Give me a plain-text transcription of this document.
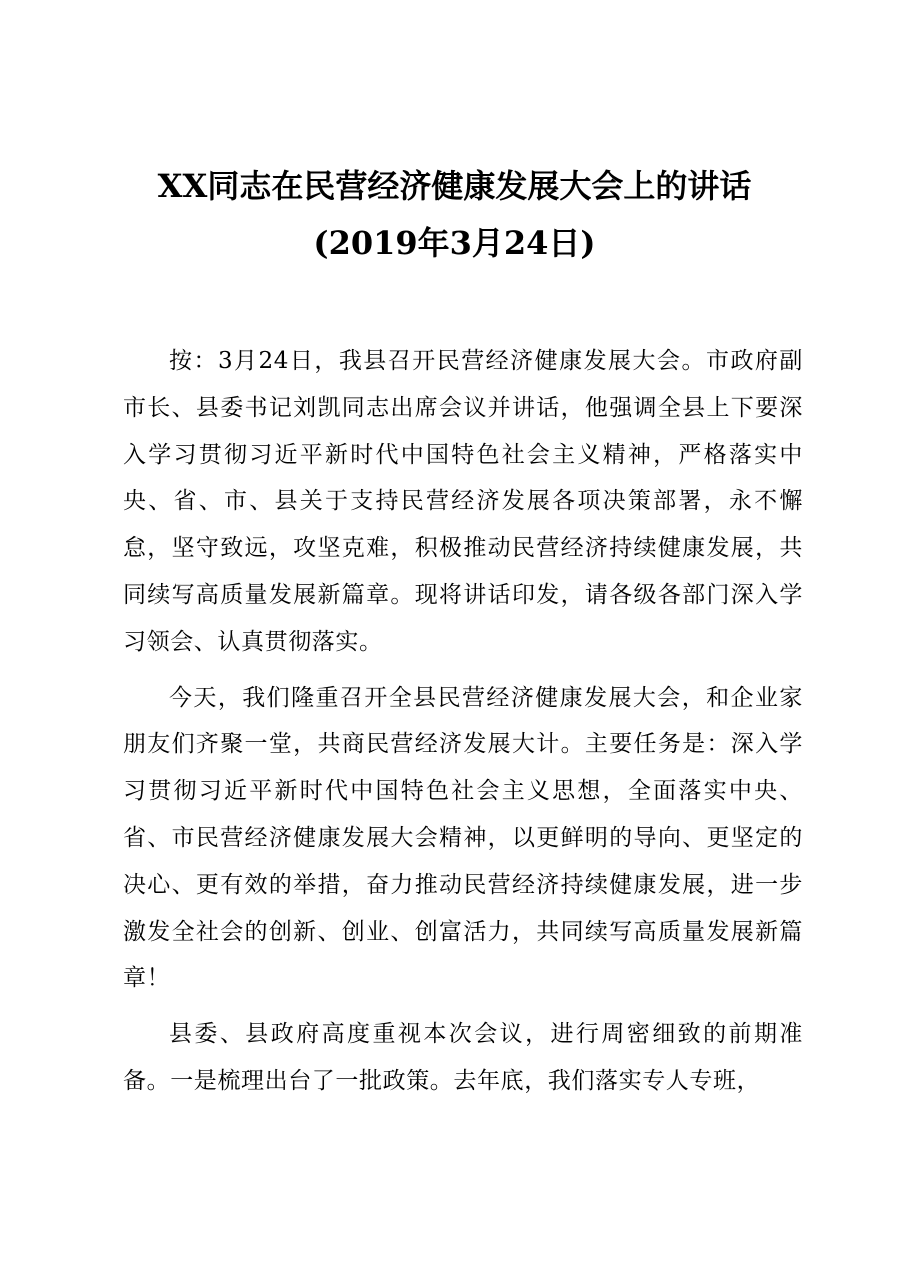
XX同志在民营经济健康发展大会上的讲话
(2019年3月24日)

按：3月24日，我县召开民营经济健康发展大会。市政府副市长、县委书记刘凯同志出席会议并讲话，他强调全县上下要深入学习贯彻习近平新时代中国特色社会主义精神，严格落实中央、省、市、县关于支持民营经济发展各项决策部署，永不懈怠，坚守致远，攻坚克难，积极推动民营经济持续健康发展，共同续写高质量发展新篇章。现将讲话印发，请各级各部门深入学习领会、认真贯彻落实。

今天，我们隆重召开全县民营经济健康发展大会，和企业家朋友们齐聚一堂，共商民营经济发展大计。主要任务是：深入学习贯彻习近平新时代中国特色社会主义思想，全面落实中央、省、市民营经济健康发展大会精神，以更鲜明的导向、更坚定的决心、更有效的举措，奋力推动民营经济持续健康发展，进一步激发全社会的创新、创业、创富活力，共同续写高质量发展新篇章！

县委、县政府高度重视本次会议，进行周密细致的前期准备。一是梳理出台了一批政策。去年底，我们落实专人专班，
